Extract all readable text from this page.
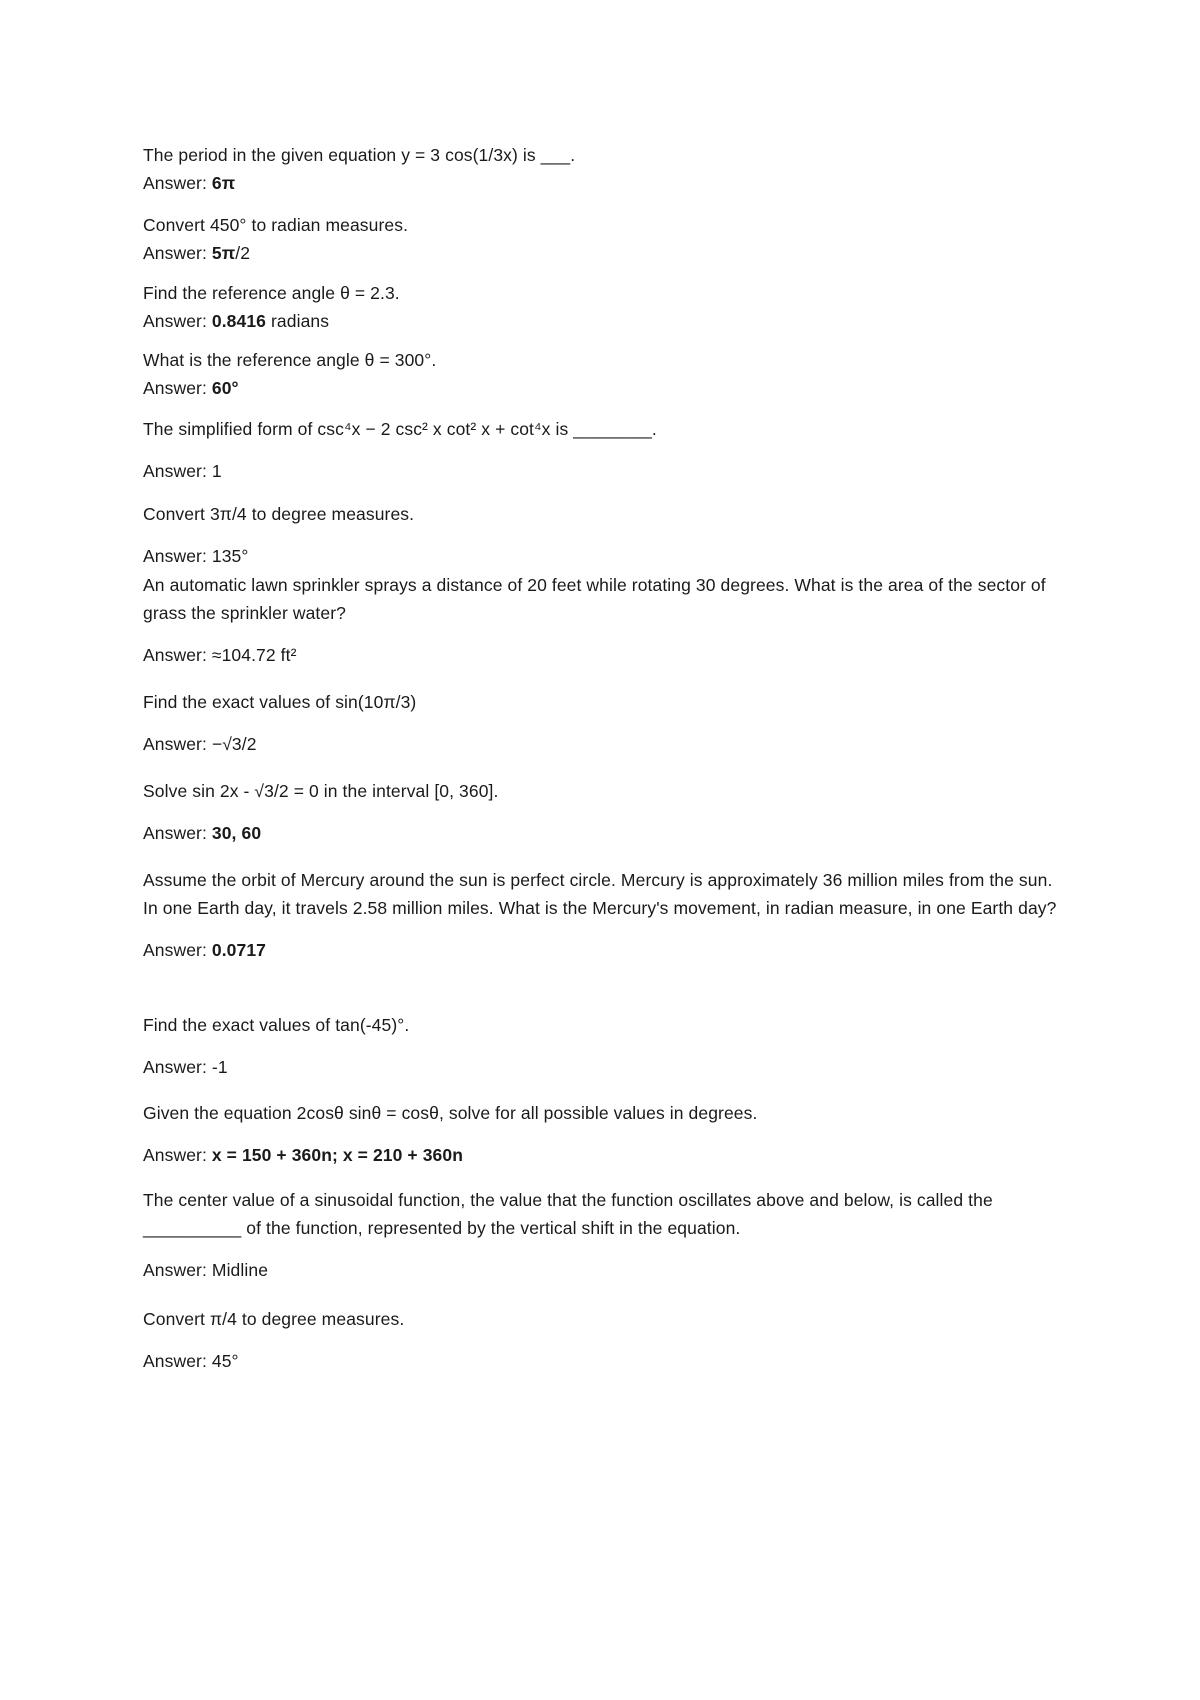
The period in the given equation y = 3 cos(1/3x) is ___.

Answer: 6π

Convert 450° to radian measures.

Answer: 5π/2

Find the reference angle θ = 2.3.

Answer: 0.8416 radians

What is the reference angle θ = 300°.

Answer: 60°

The simplified form of csc⁴x − 2 csc² x cot² x + cot⁴x is ________.

Answer: 1

Convert 3π/4 to degree measures.

Answer: 135°

An automatic lawn sprinkler sprays a distance of 20 feet while rotating 30 degrees. What is the area of the sector of grass the sprinkler water?

Answer: ≈104.72 ft²

Find the exact values of sin(10π/3)

Answer: −√3/2

Solve sin 2x - √3/2 = 0 in the interval [0, 360].

Answer: 30, 60

Assume the orbit of Mercury around the sun is perfect circle. Mercury is approximately 36 million miles from the sun. In one Earth day, it travels 2.58 million miles. What is the Mercury's movement, in radian measure, in one Earth day?

Answer: 0.0717

Find the exact values of tan(-45)°.

Answer: -1

Given the equation 2cosθ sinθ = cosθ, solve for all possible values in degrees.

Answer: x = 150 + 360n; x = 210 + 360n

The center value of a sinusoidal function, the value that the function oscillates above and below, is called the __________ of the function, represented by the vertical shift in the equation.

Answer: Midline

Convert π/4 to degree measures.

Answer: 45°
